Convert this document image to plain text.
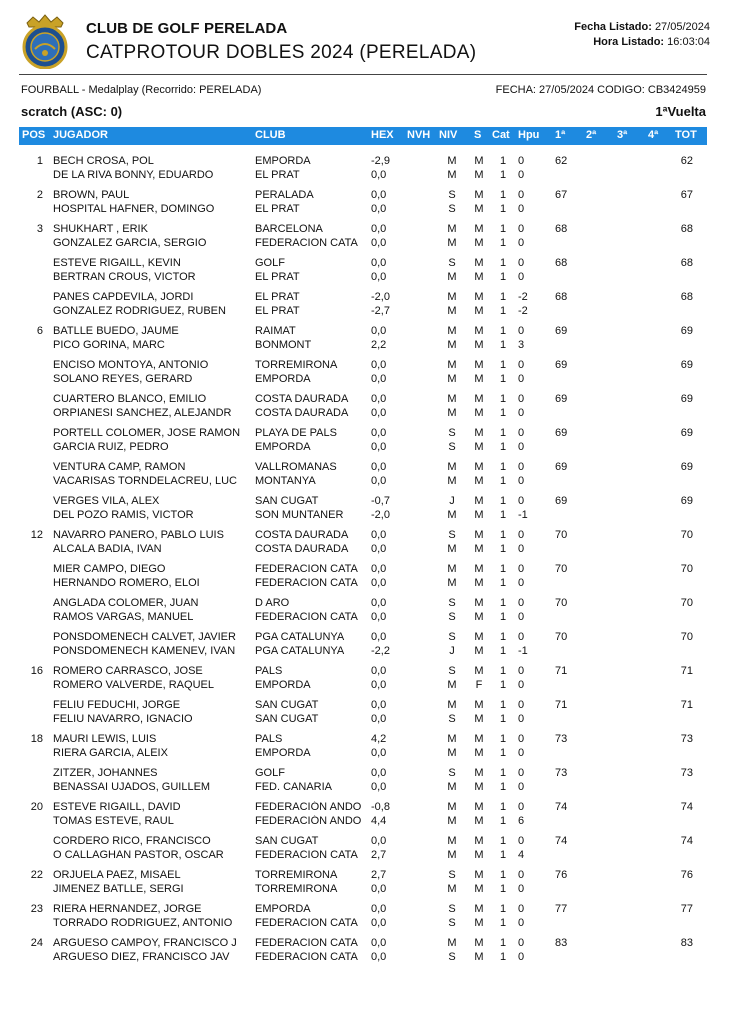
CLUB DE GOLF PERELADA
CATPROTOUR DOBLES 2024 (PERELADA)
Fecha Listado: 27/05/2024
Hora Listado: 16:03:04
FOURBALL - Medalplay (Recorrido: PERELADA)	FECHA: 27/05/2024 CODIGO: CB3424959
scratch (ASC: 0)	1ªVuelta
POS JUGADOR	CLUB	HEX NVH NIV S Cat Hpu 1ª 2ª 3ª 4ª TOT
1 BECH CROSA, POL	EMPORDA	-2,9	M M 1 0
DE LA RIVA BONNY, EDUARDO	EL PRAT	0,0	M M 1 0
62	62
2 BROWN, PAUL	PERALADA	0,0	S M 1 0
HOSPITAL HAFNER, DOMINGO	EL PRAT	0,0	S M 1 0
67	67
3 SHUKHART , ERIK	BARCELONA	0,0	M M 1 0
GONZALEZ GARCIA, SERGIO	FEDERACION CATA	0,0	M M 1 0
68	68
ESTEVE RIGAILL, KEVIN	GOLF	0,0	S M 1 0
BERTRAN CROUS, VICTOR	EL PRAT	0,0	M M 1 0
68	68
PANES CAPDEVILA, JORDI	EL PRAT	-2,0	M M 1 -2
GONZALEZ RODRIGUEZ, RUBEN	EL PRAT	-2,7	M M 1 -2
68	68
6 BATLLE BUEDO, JAUME	RAIMAT	0,0	M M 1 0
PICO GORINA, MARC	BONMONT	2,2	M M 1 3
69	69
ENCISO MONTOYA, ANTONIO	TORREMIRONA	0,0	M M 1 0
SOLANO REYES, GERARD	EMPORDA	0,0	M M 1 0
69	69
CUARTERO BLANCO, EMILIO	COSTA DAURADA	0,0	M M 1 0
ORPIANESI SANCHEZ, ALEJANDR	COSTA DAURADA	0,0	M M 1 0
69	69
PORTELL COLOMER, JOSE RAMON	PLAYA DE PALS	0,0	S M 1 0
GARCIA RUIZ, PEDRO	EMPORDA	0,0	S M 1 0
69	69
VENTURA CAMP, RAMON	VALLROMANAS	0,0	M M 1 0
VACARISAS TORNDELACREU, LUC	MONTANYA	0,0	M M 1 0
69	69
VERGES VILA, ALEX	SAN CUGAT	-0,7	J M 1 0
DEL POZO RAMIS, VICTOR	SON MUNTANER	-2,0	M M 1 -1
69	69
12 NAVARRO PANERO, PABLO LUIS	COSTA DAURADA	0,0	S M 1 0
ALCALA BADIA, IVAN	COSTA DAURADA	0,0	M M 1 0
70	70
MIER CAMPO, DIEGO	FEDERACION CATA	0,0	M M 1 0
HERNANDO ROMERO, ELOI	FEDERACION CATA	0,0	M M 1 0
70	70
ANGLADA COLOMER, JUAN	D ARO	0,0	S M 1 0
RAMOS VARGAS, MANUEL	FEDERACION CATA	0,0	S M 1 0
70	70
PONSDOMENECH CALVET, JAVIER	PGA CATALUNYA	0,0	S M 1 0
PONSDOMENECH KAMENEV, IVAN	PGA CATALUNYA	-2,2	J M 1 -1
70	70
16 ROMERO CARRASCO, JOSE	PALS	0,0	S M 1 0
ROMERO VALVERDE, RAQUEL	EMPORDA	0,0	M F 1 0
71	71
FELIU FEDUCHI, JORGE	SAN CUGAT	0,0	M M 1 0
FELIU NAVARRO, IGNACIO	SAN CUGAT	0,0	S M 1 0
71	71
18 MAURI LEWIS, LUIS	PALS	4,2	M M 1 0
RIERA GARCIA, ALEIX	EMPORDA	0,0	M M 1 0
73	73
ZITZER, JOHANNES	GOLF	0,0	S M 1 0
BENASSAI UJADOS, GUILLEM	FED. CANARIA	0,0	M M 1 0
73	73
20 ESTEVE RIGAILL, DAVID	FEDERACIÓN ANDO -0,8	M M 1 0
TOMAS ESTEVE, RAUL	FEDERACIÓN ANDO 4,4	M M 1 6
74	74
CORDERO RICO, FRANCISCO	SAN CUGAT	0,0	M M 1 0
O CALLAGHAN PASTOR, OSCAR	FEDERACION CATA	2,7	M M 1 4
74	74
22 ORJUELA PAEZ, MISAEL	TORREMIRONA	2,7	S M 1 0
JIMENEZ BATLLE, SERGI	TORREMIRONA	0,0	M M 1 0
76	76
23 RIERA HERNANDEZ, JORGE	EMPORDA	0,0	S M 1 0
TORRADO RODRIGUEZ, ANTONIO	FEDERACION CATA	0,0	S M 1 0
77	77
24 ARGUESO CAMPOY, FRANCISCO J	FEDERACION CATA	0,0	M M 1 0
ARGUESO DIEZ, FRANCISCO JAV	FEDERACION CATA	0,0	S M 1 0
83	83
